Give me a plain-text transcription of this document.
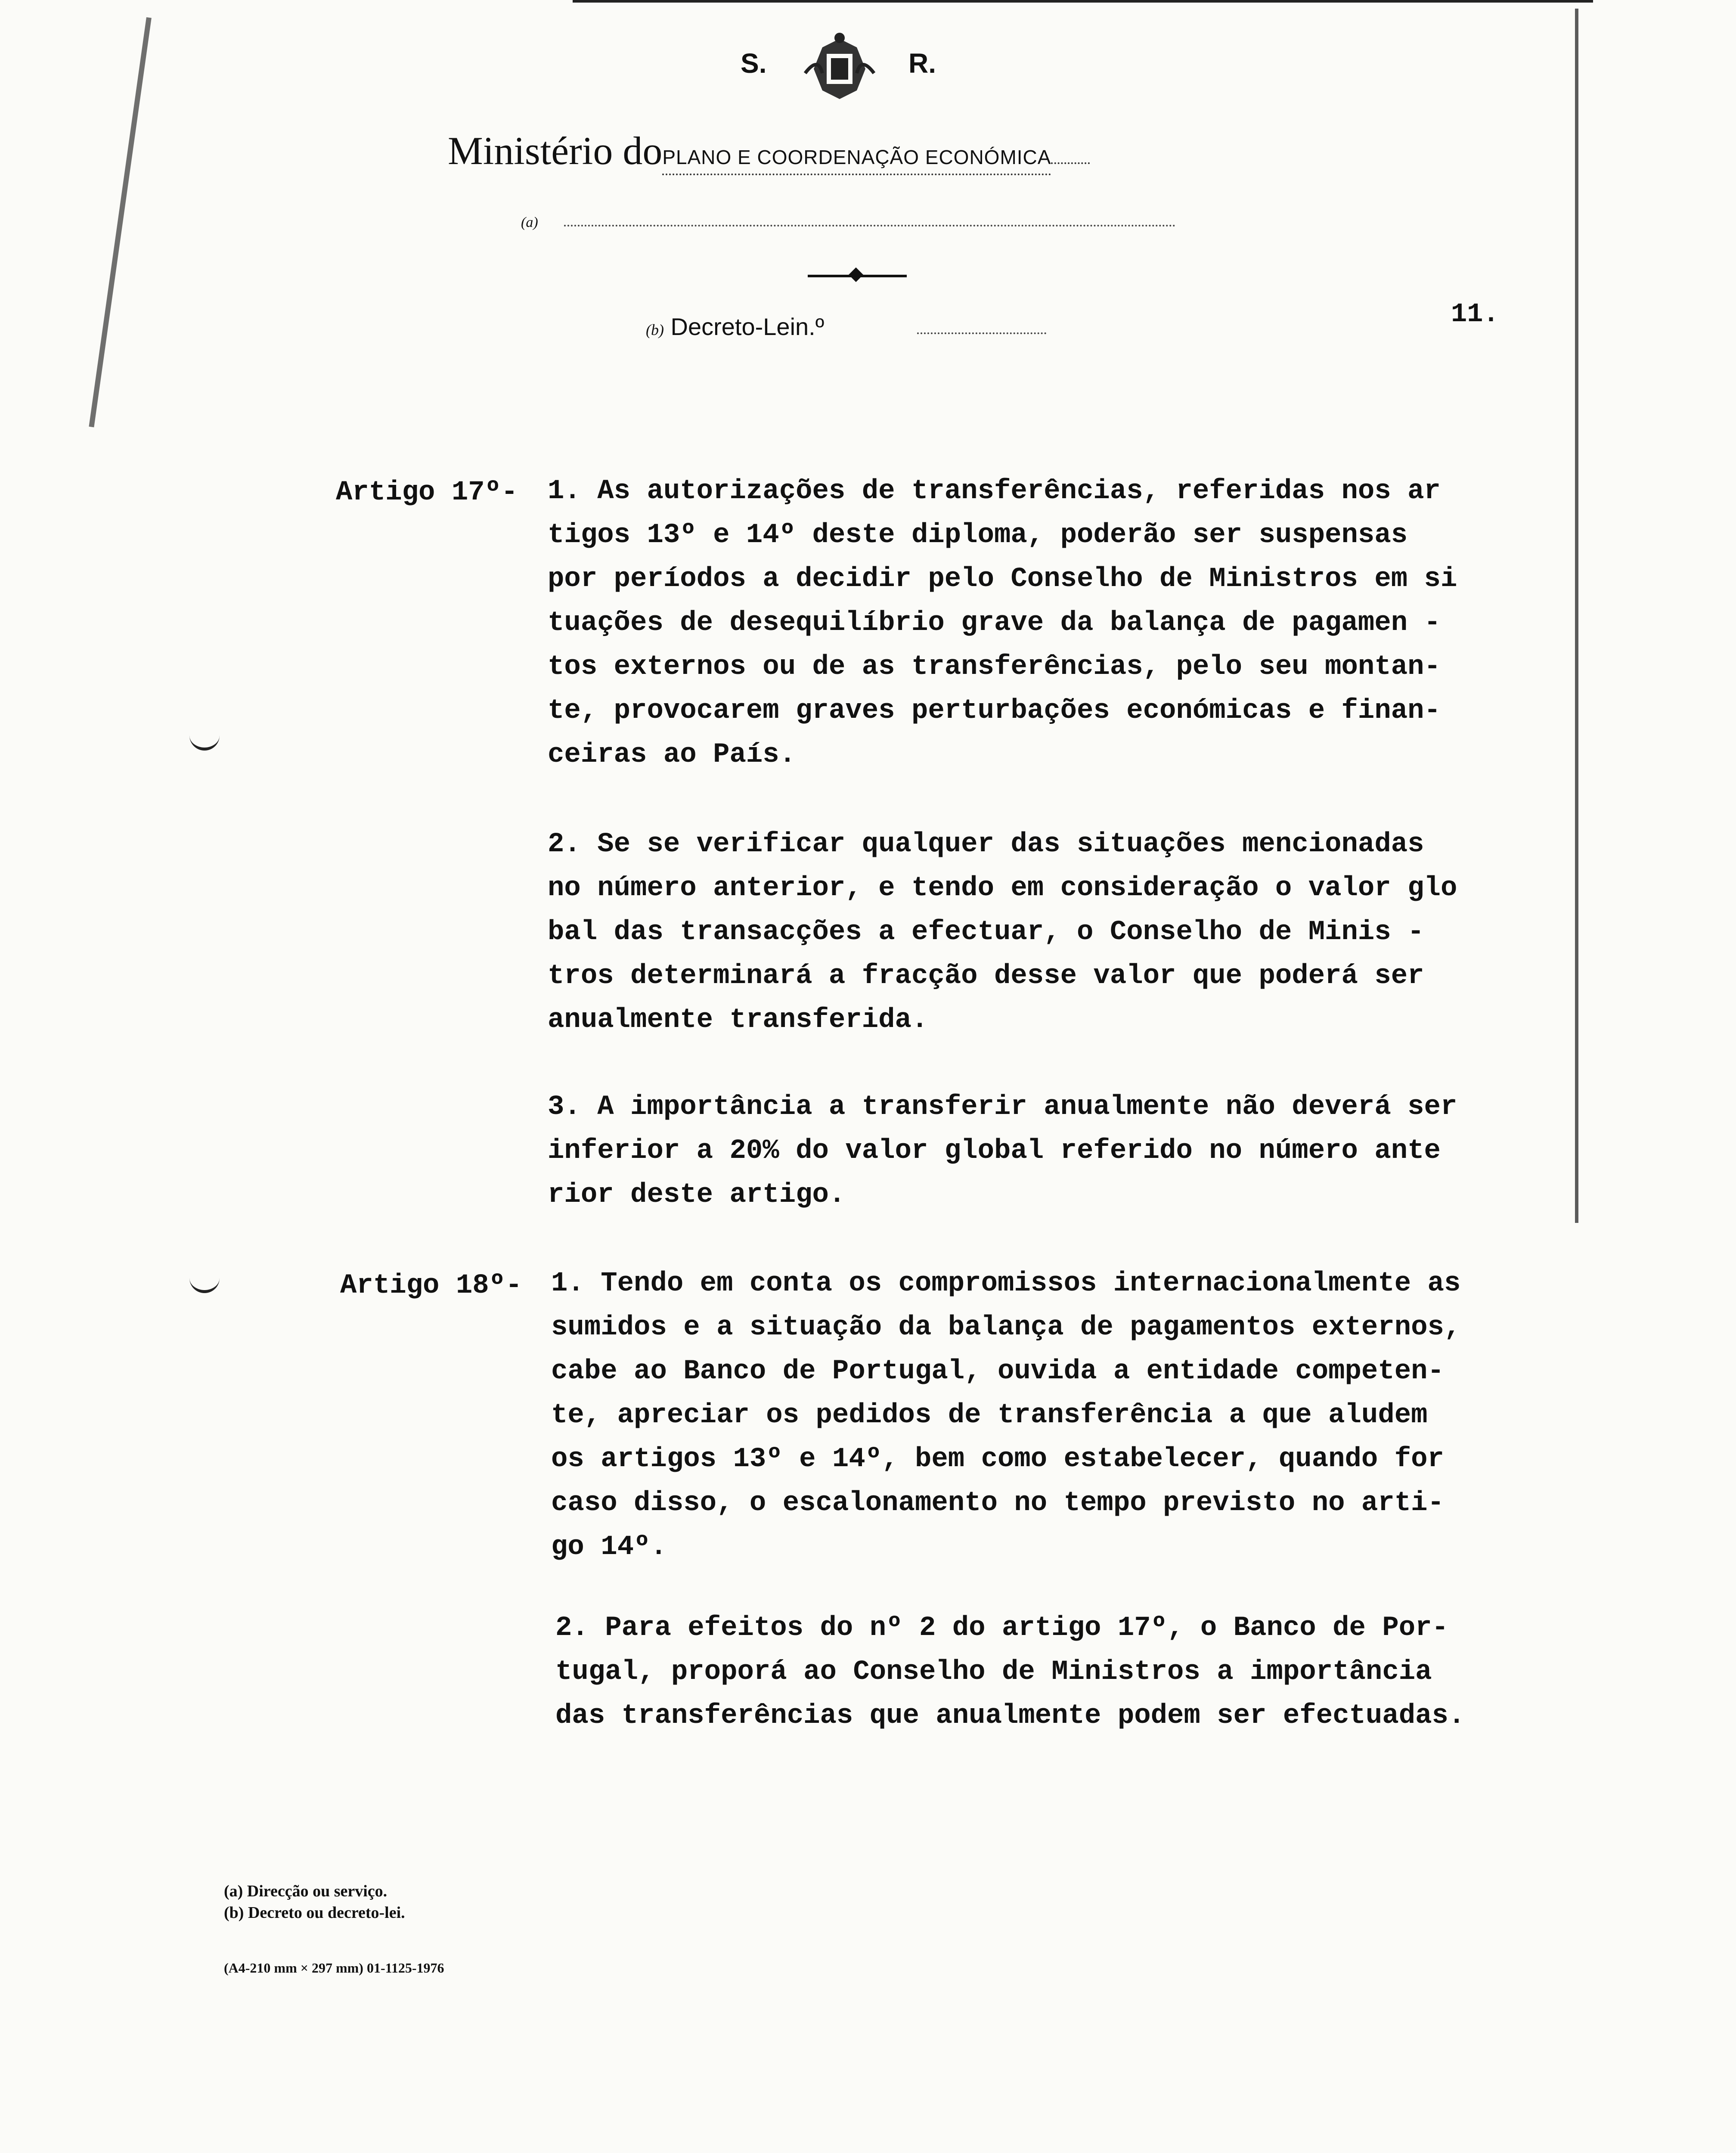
S.	R.
Ministério doPLANO E COORDENAÇÃO ECONÓMICA
(a)
(b) Decreto-Lein.º	11.
Artigo 17º- 1. As autorizações de transferências, referidas nos ar
tigos 13º e 14º deste diploma, poderão ser suspensas
por períodos a decidir pelo Conselho de Ministros em si
tuações de desequilíbrio grave da balança de pagamen -
tos externos ou de as transferências, pelo seu montan-
te, provocarem graves perturbações económicas e finan-
ceiras ao País.
2. Se se verificar qualquer das situações mencionadas
no número anterior, e tendo em consideração o valor glo
bal das transacções a efectuar, o Conselho de Minis -
tros determinará a fracção desse valor que poderá ser
anualmente transferida.
3. A importância a transferir anualmente não deverá ser
inferior a 20% do valor global referido no número ante
rior deste artigo.
Artigo 18º- 1. Tendo em conta os compromissos internacionalmente as
sumidos e a situação da balança de pagamentos externos,
cabe ao Banco de Portugal, ouvida a entidade competen-
te, apreciar os pedidos de transferência a que aludem
os artigos 13º e 14º, bem como estabelecer, quando for
caso disso, o escalonamento no tempo previsto no arti-
go 14º.
2. Para efeitos do nº 2 do artigo 17º, o Banco de Por-
tugal, proporá ao Conselho de Ministros a importância
das transferências que anualmente podem ser efectuadas.
(a) Direcção ou serviço.
(b) Decreto ou decreto-lei.
(A4-210 mm × 297 mm) 01-1125-1976
